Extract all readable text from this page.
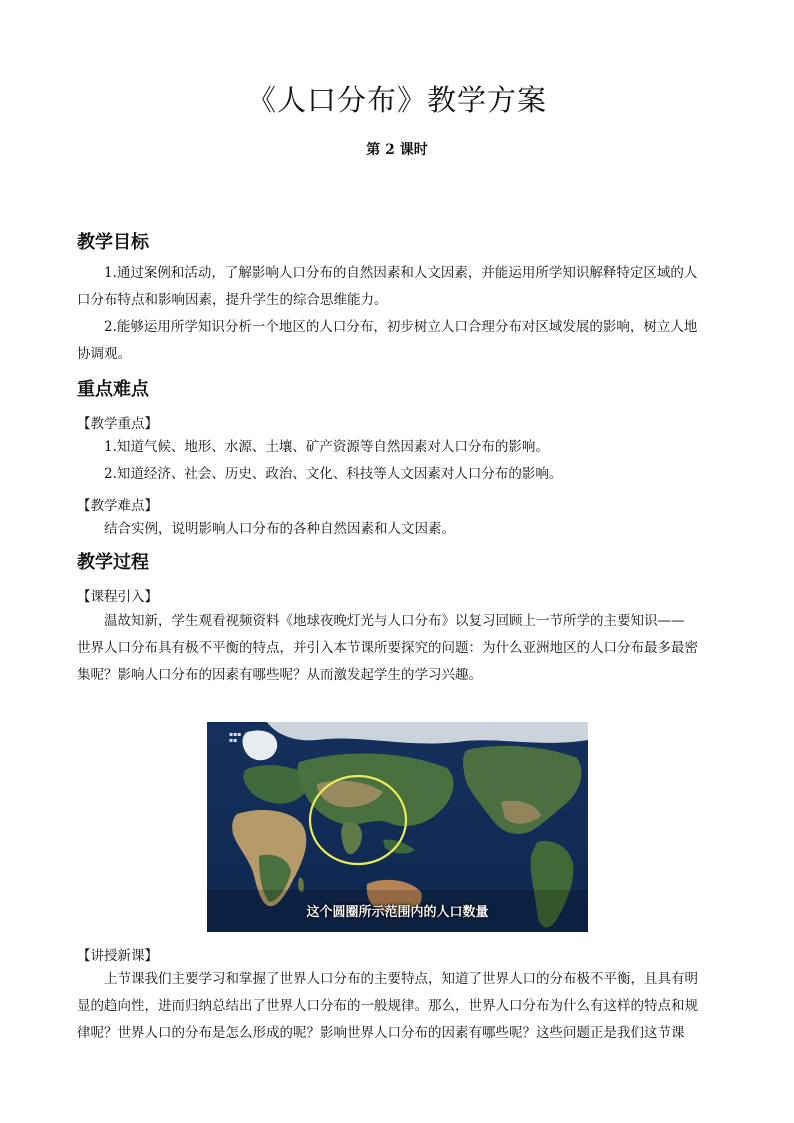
《人口分布》教学方案
第 2 课时
教学目标
1.通过案例和活动，了解影响人口分布的自然因素和人文因素，并能运用所学知识解释特定区域的人
口分布特点和影响因素，提升学生的综合思维能力。
2.能够运用所学知识分析一个地区的人口分布，初步树立人口合理分布对区域发展的影响，树立人地
协调观。
重点难点
【教学重点】
1.知道气候、地形、水源、土壤、矿产资源等自然因素对人口分布的影响。
2.知道经济、社会、历史、政治、文化、科技等人文因素对人口分布的影响。
【教学难点】
结合实例，说明影响人口分布的各种自然因素和人文因素。
教学过程
【课程引入】
温故知新，学生观看视频资料《地球夜晚灯光与人口分布》以复习回顾上一节所学的主要知识——
世界人口分布具有极不平衡的特点，并引入本节课所要探究的问题：为什么亚洲地区的人口分布最多最密
集呢？影响人口分布的因素有哪些呢？从而激发起学生的学习兴趣。
▪▪▪
▪▪
这个圆圈所示范围内的人口数量
【讲授新课】
上节课我们主要学习和掌握了世界人口分布的主要特点，知道了世界人口的分布极不平衡，且具有明
显的趋向性，进而归纳总结出了世界人口分布的一般规律。那么，世界人口分布为什么有这样的特点和规
律呢？世界人口的分布是怎么形成的呢？影响世界人口分布的因素有哪些呢？这些问题正是我们这节课
